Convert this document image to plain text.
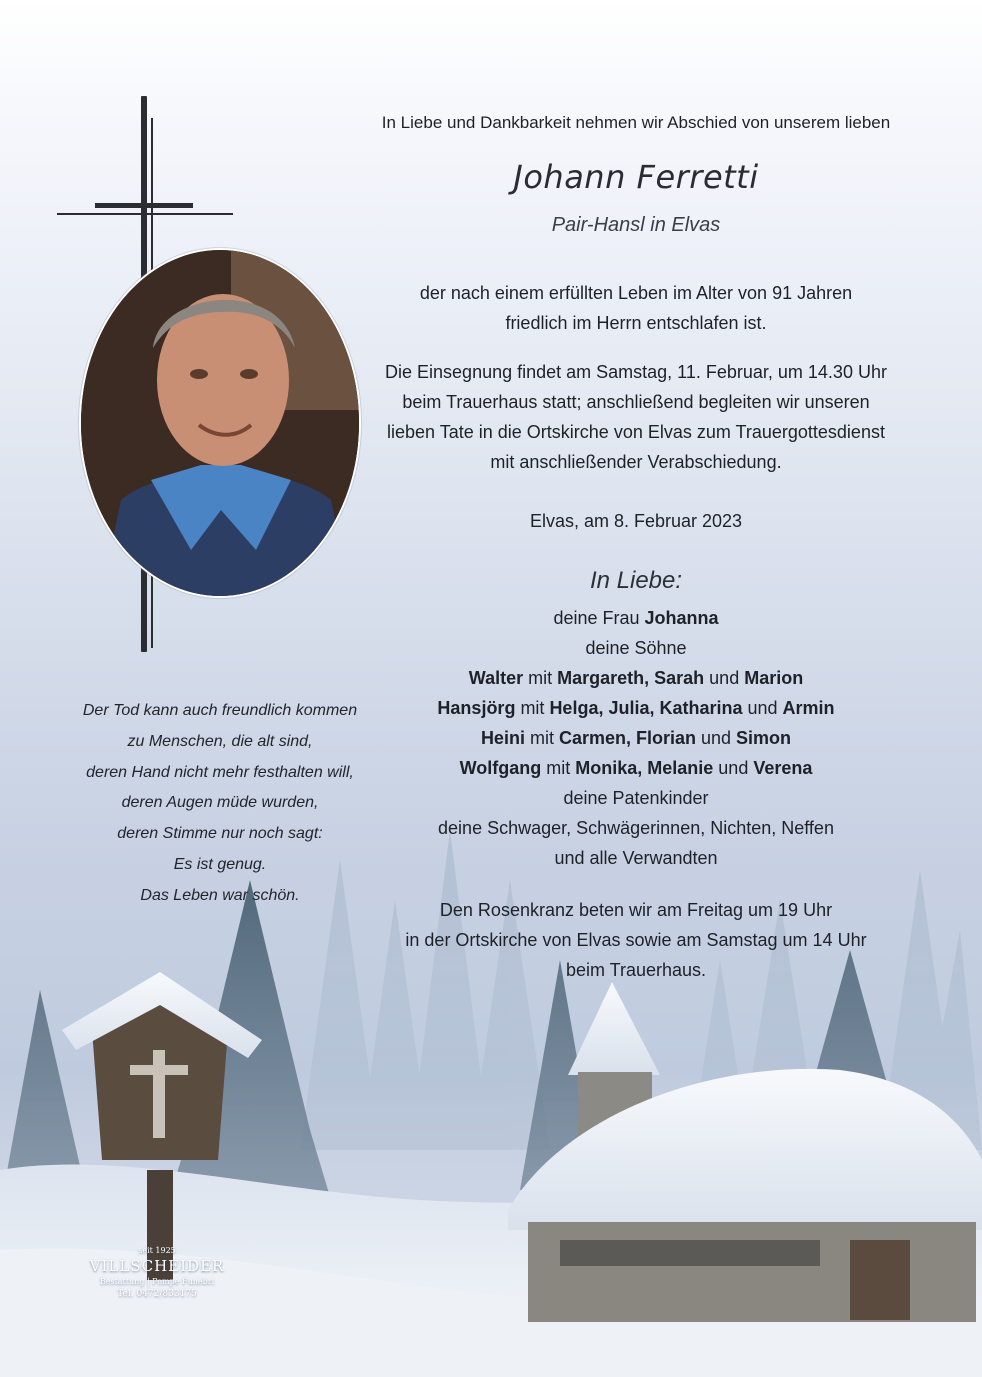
In Liebe und Dankbarkeit nehmen wir Abschied von unserem lieben
Johann Ferretti
Pair-Hansl in Elvas
der nach einem erfüllten Leben im Alter von 91 Jahren
friedlich im Herrn entschlafen ist.
Die Einsegnung findet am Samstag, 11. Februar, um 14.30 Uhr
beim Trauerhaus statt; anschließend begleiten wir unseren
lieben Tate in die Ortskirche von Elvas zum Trauergottesdienst
mit anschließender Verabschiedung.
Elvas, am 8. Februar 2023
In Liebe:
deine Frau Johanna
deine Söhne
Walter mit Margareth, Sarah und Marion
Hansjörg mit Helga, Julia, Katharina und Armin
Heini mit Carmen, Florian und Simon
Wolfgang mit Monika, Melanie und Verena
deine Patenkinder
deine Schwager, Schwägerinnen, Nichten, Neffen
und alle Verwandten
Den Rosenkranz beten wir am Freitag um 19 Uhr
in der Ortskirche von Elvas sowie am Samstag um 14 Uhr
beim Trauerhaus.
Der Tod kann auch freundlich kommen
zu Menschen, die alt sind,
deren Hand nicht mehr festhalten will,
deren Augen müde wurden,
deren Stimme nur noch sagt:
Es ist genug.
Das Leben war schön.
seit 1925
VILLSCHEIDER
Bestattung | Pompe Funebri
Tel. 0472/833175
